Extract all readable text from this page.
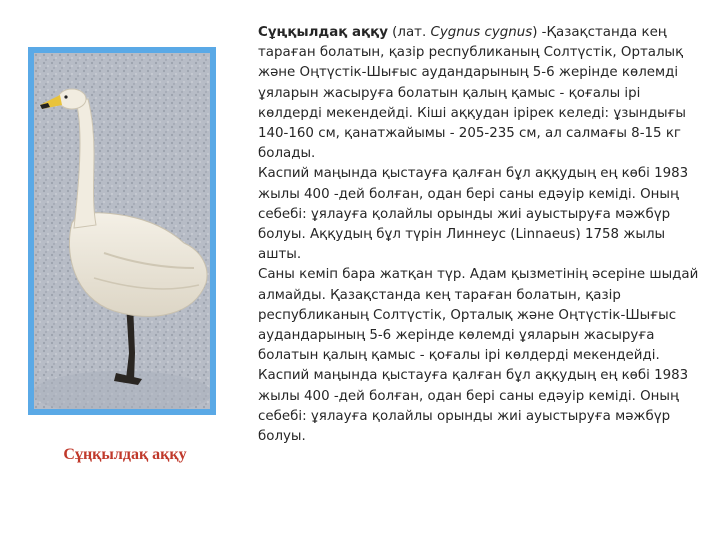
Сұңқылдақ аққу

Сұңқылдақ аққу (лат. Cygnus cygnus) -Қазақстанда кең тараған болатын, қазір республиканың Солтүстік, Орталық және Оңтүстік-Шығыс аудандарының 5-6 жерінде көлемді ұяларын жасыруға болатын қалың қамыс - қоғалы ірі көлдерді мекендейді. Кіші аққудан ірірек келеді: ұзындығы 140-160 см, қанатжайымы - 205-235 см, ал салмағы 8-15 кг болады.

Каспий маңында қыстауға қалған бұл аққудың ең көбі 1983 жылы 400 -дей болған, одан бері саны едәуір кеміді. Оның себебі: ұялауға қолайлы орынды жиі ауыстыруға мәжбүр болуы. Аққудың бұл түрін Линнеус (Linnaeus) 1758 жылы ашты.

Саны кеміп бара жатқан түр. Адам қызметінің әсеріне шыдай алмайды. Қазақстанда кең тараған болатын, қазір республиканың Солтүстік, Орталық және Оңтүстік-Шығыс аудандарының 5-6 жерінде көлемді ұяларын жасыруға болатын қалың қамыс - қоғалы ірі көлдерді мекендейді. Каспий маңында қыстауға қалған бұл аққудың ең көбі 1983 жылы 400 -дей болған, одан бері саны едәуір кеміді. Оның себебі: ұялауға қолайлы орынды жиі ауыстыруға мәжбүр болуы.
